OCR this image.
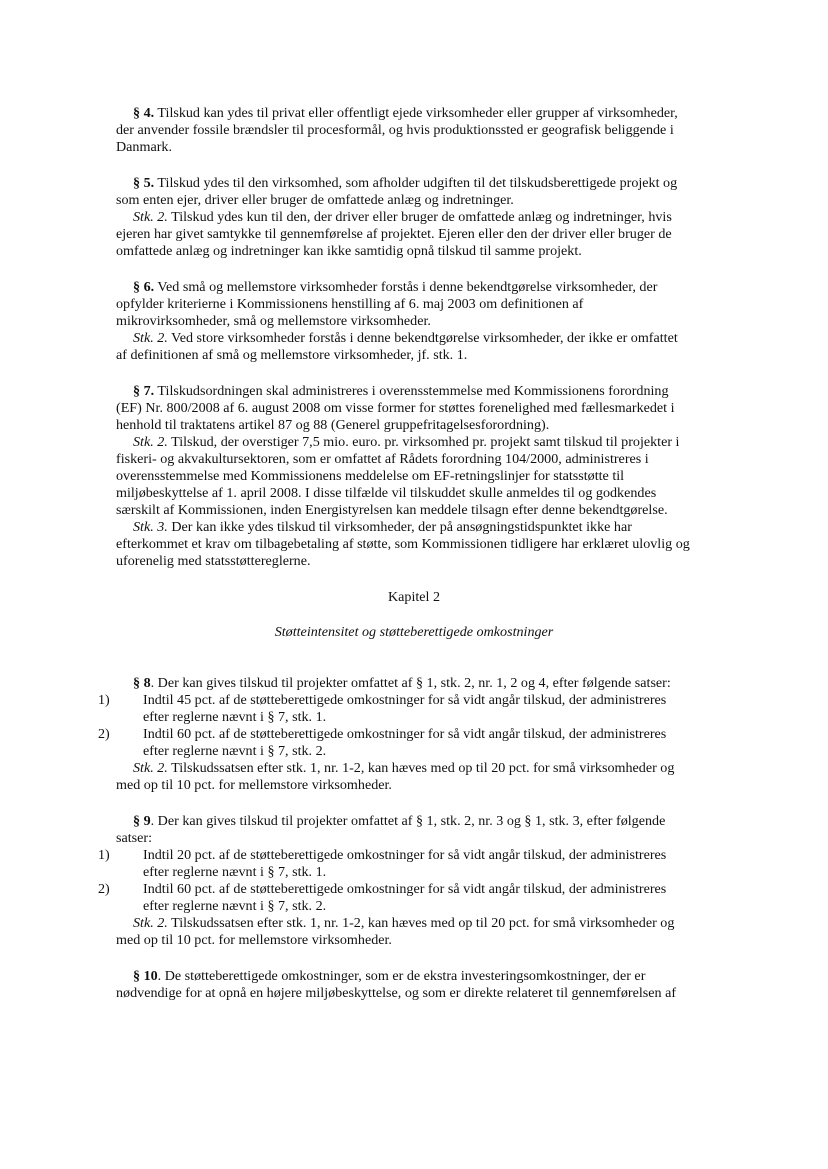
§ 4. Tilskud kan ydes til privat eller offentligt ejede virksomheder eller grupper af virksomheder,
der anvender fossile brændsler til procesformål, og hvis produktionssted er geografisk beliggende i
Danmark.
§ 5. Tilskud ydes til den virksomhed, som afholder udgiften til det tilskudsberettigede projekt og
som enten ejer, driver eller bruger de omfattede anlæg og indretninger.
Stk. 2. Tilskud ydes kun til den, der driver eller bruger de omfattede anlæg og indretninger, hvis
ejeren har givet samtykke til gennemførelse af projektet. Ejeren eller den der driver eller bruger de
omfattede anlæg og indretninger kan ikke samtidig opnå tilskud til samme projekt.
§ 6. Ved små og mellemstore virksomheder forstås i denne bekendtgørelse virksomheder, der
opfylder kriterierne i Kommissionens henstilling af 6. maj 2003 om definitionen af
mikrovirksomheder, små og mellemstore virksomheder.
Stk. 2. Ved store virksomheder forstås i denne bekendtgørelse virksomheder, der ikke er omfattet
af definitionen af små og mellemstore virksomheder, jf. stk. 1.
§ 7. Tilskudsordningen skal administreres i overensstemmelse med Kommissionens forordning
(EF) Nr. 800/2008 af 6. august 2008 om visse former for støttes forenelighed med fællesmarkedet i
henhold til traktatens artikel 87 og 88 (Generel gruppefritagelsesforordning).
Stk. 2. Tilskud, der overstiger 7,5 mio. euro. pr. virksomhed pr. projekt samt tilskud til projekter i
fiskeri- og akvakultursektoren, som er omfattet af Rådets forordning 104/2000, administreres i
overensstemmelse med Kommissionens meddelelse om EF-retningslinjer for statsstøtte til
miljøbeskyttelse af 1. april 2008. I disse tilfælde vil tilskuddet skulle anmeldes til og godkendes
særskilt af Kommissionen, inden Energistyrelsen kan meddele tilsagn efter denne bekendtgørelse.
Stk. 3. Der kan ikke ydes tilskud til virksomheder, der på ansøgningstidspunktet ikke har
efterkommet et krav om tilbagebetaling af støtte, som Kommissionen tidligere har erklæret ulovlig og
uforenelig med statsstøttereglerne.
Kapitel 2
Støtteintensitet og støtteberettigede omkostninger
§ 8. Der kan gives tilskud til projekter omfattet af § 1, stk. 2, nr. 1, 2 og 4, efter følgende satser:
1) Indtil 45 pct. af de støtteberettigede omkostninger for så vidt angår tilskud, der administreres
efter reglerne nævnt i § 7, stk. 1.
2) Indtil 60 pct. af de støtteberettigede omkostninger for så vidt angår tilskud, der administreres
efter reglerne nævnt i § 7, stk. 2.
Stk. 2. Tilskudssatsen efter stk. 1, nr. 1-2, kan hæves med op til 20 pct. for små virksomheder og
med op til 10 pct. for mellemstore virksomheder.
§ 9. Der kan gives tilskud til projekter omfattet af § 1, stk. 2, nr. 3 og § 1, stk. 3, efter følgende
satser:
1) Indtil 20 pct. af de støtteberettigede omkostninger for så vidt angår tilskud, der administreres
efter reglerne nævnt i § 7, stk. 1.
2) Indtil 60 pct. af de støtteberettigede omkostninger for så vidt angår tilskud, der administreres
efter reglerne nævnt i § 7, stk. 2.
Stk. 2. Tilskudssatsen efter stk. 1, nr. 1-2, kan hæves med op til 20 pct. for små virksomheder og
med op til 10 pct. for mellemstore virksomheder.
§ 10. De støtteberettigede omkostninger, som er de ekstra investeringsomkostninger, der er
nødvendige for at opnå en højere miljøbeskyttelse, og som er direkte relateret til gennemførelsen af
